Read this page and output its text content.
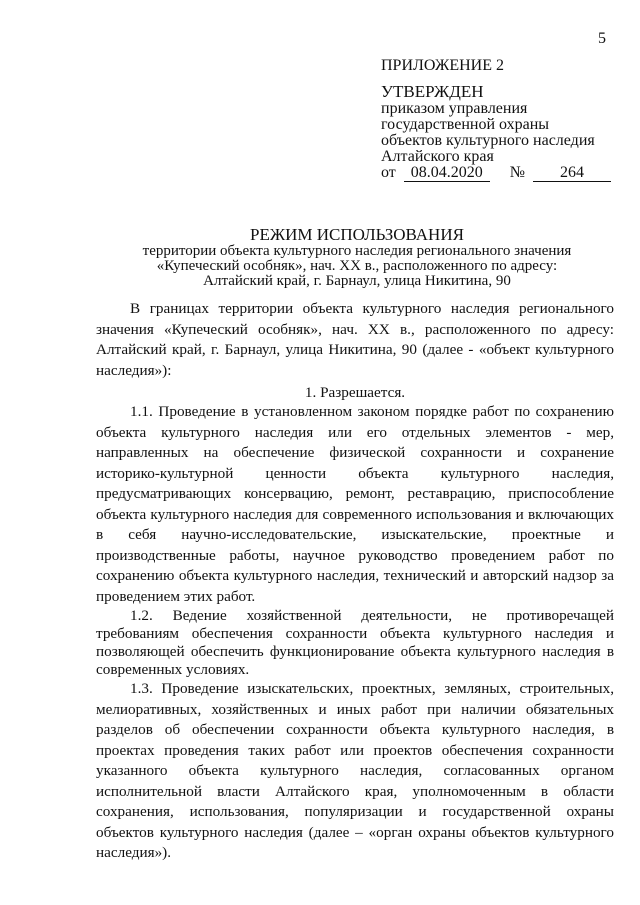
5
ПРИЛОЖЕНИЕ 2
УТВЕРЖДЕН
приказом управления
государственной охраны
объектов культурного наследия
Алтайского края
от 08.04.2020 № 264
РЕЖИМ ИСПОЛЬЗОВАНИЯ
территории объекта культурного наследия регионального значения
«Купеческий особняк», нач. XX в., расположенного по адресу:
Алтайский край, г. Барнаул, улица Никитина, 90
В границах территории объекта культурного наследия регионального значения «Купеческий особняк», нач. XX в., расположенного по адресу: Алтайский край, г. Барнаул, улица Никитина, 90 (далее - «объект культурного наследия»):
1. Разрешается.

1.1. Проведение в установленном законом порядке работ по сохранению объекта культурного наследия или его отдельных элементов - мер, направленных на обеспечение физической сохранности и сохранение историко-культурной ценности объекта культурного наследия, предусматривающих консервацию, ремонт, реставрацию, приспособление объекта культурного наследия для современного использования и включающих в себя научно-исследовательские, изыскательские, проектные и производственные работы, научное руководство проведением работ по сохранению объекта культурного наследия, технический и авторский надзор за проведением этих работ.

1.2. Ведение хозяйственной деятельности, не противоречащей требованиям обеспечения сохранности объекта культурного наследия и позволяющей обеспечить функционирование объекта культурного наследия в современных условиях.

1.3. Проведение изыскательских, проектных, земляных, строительных, мелиоративных, хозяйственных и иных работ при наличии обязательных разделов об обеспечении сохранности объекта культурного наследия, в проектах проведения таких работ или проектов обеспечения сохранности указанного объекта культурного наследия, согласованных органом исполнительной власти Алтайского края, уполномоченным в области сохранения, использования, популяризации и государственной охраны объектов культурного наследия (далее – «орган охраны объектов культурного наследия»).
